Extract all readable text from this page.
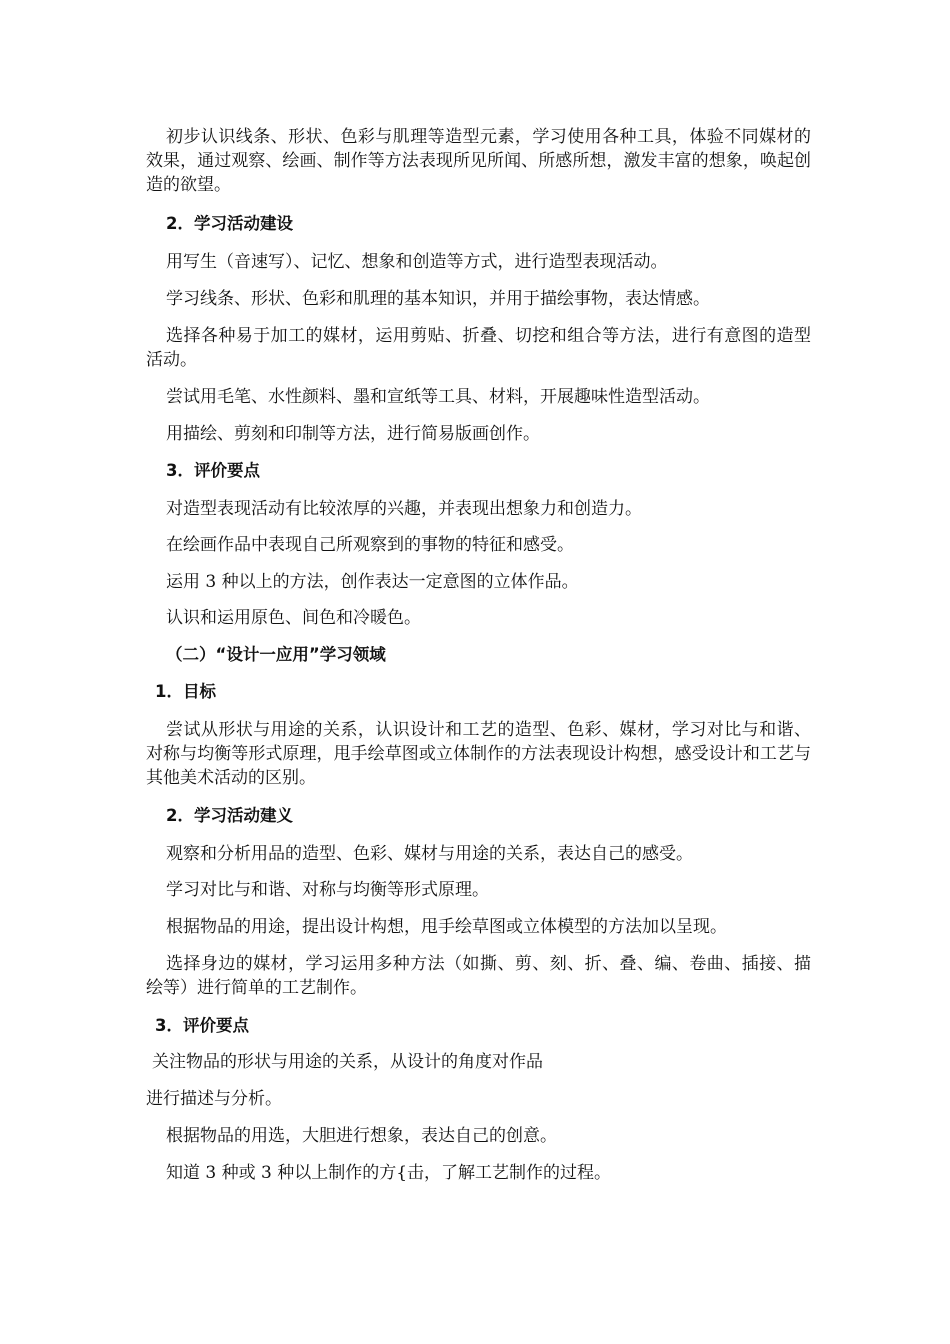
初步认识线条、形状、色彩与肌理等造型元素，学习使用各种工具，体验不同媒材的效果，通过观察、绘画、制作等方法表现所见所闻、所感所想，激发丰富的想象，唤起创造的欲望。
2．学习活动建设
用写生（音速写）、记忆、想象和创造等方式，进行造型表现活动。
学习线条、形状、色彩和肌理的基本知识，并用于描绘事物，表达情感。
选择各种易于加工的媒材，运用剪贴、折叠、切挖和组合等方法，进行有意图的造型活动。
尝试用毛笔、水性颜料、墨和宣纸等工具、材料，开展趣味性造型活动。
用描绘、剪刻和印制等方法，进行简易版画创作。
3．评价要点
对造型表现活动有比较浓厚的兴趣，并表现出想象力和创造力。
在绘画作品中表现自己所观察到的事物的特征和感受。
运用 3 种以上的方法，创作表达一定意图的立体作品。
认识和运用原色、间色和冷暖色。
（二）“设计一应用”学习领域
1．目标
尝试从形状与用途的关系，认识设计和工艺的造型、色彩、媒材，学习对比与和谐、对称与均衡等形式原理，甩手绘草图或立体制作的方法表现设计构想，感受设计和工艺与其他美术活动的区别。
2．学习活动建义
观察和分析用品的造型、色彩、媒材与用途的关系，表达自己的感受。
学习对比与和谐、对称与均衡等形式原理。
根据物品的用途，提出设计构想，甩手绘草图或立体模型的方法加以呈现。
选择身边的媒材，学习运用多种方法（如撕、剪、刻、折、叠、编、卷曲、插接、描绘等）进行简单的工艺制作。
3．评价要点
关注物品的形状与用途的关系，从设计的角度对作品
进行描述与分析。
根据物品的用选，大胆进行想象，表达自己的创意。
知道 3 种或 3 种以上制作的方{击，了解工艺制作的过程。
